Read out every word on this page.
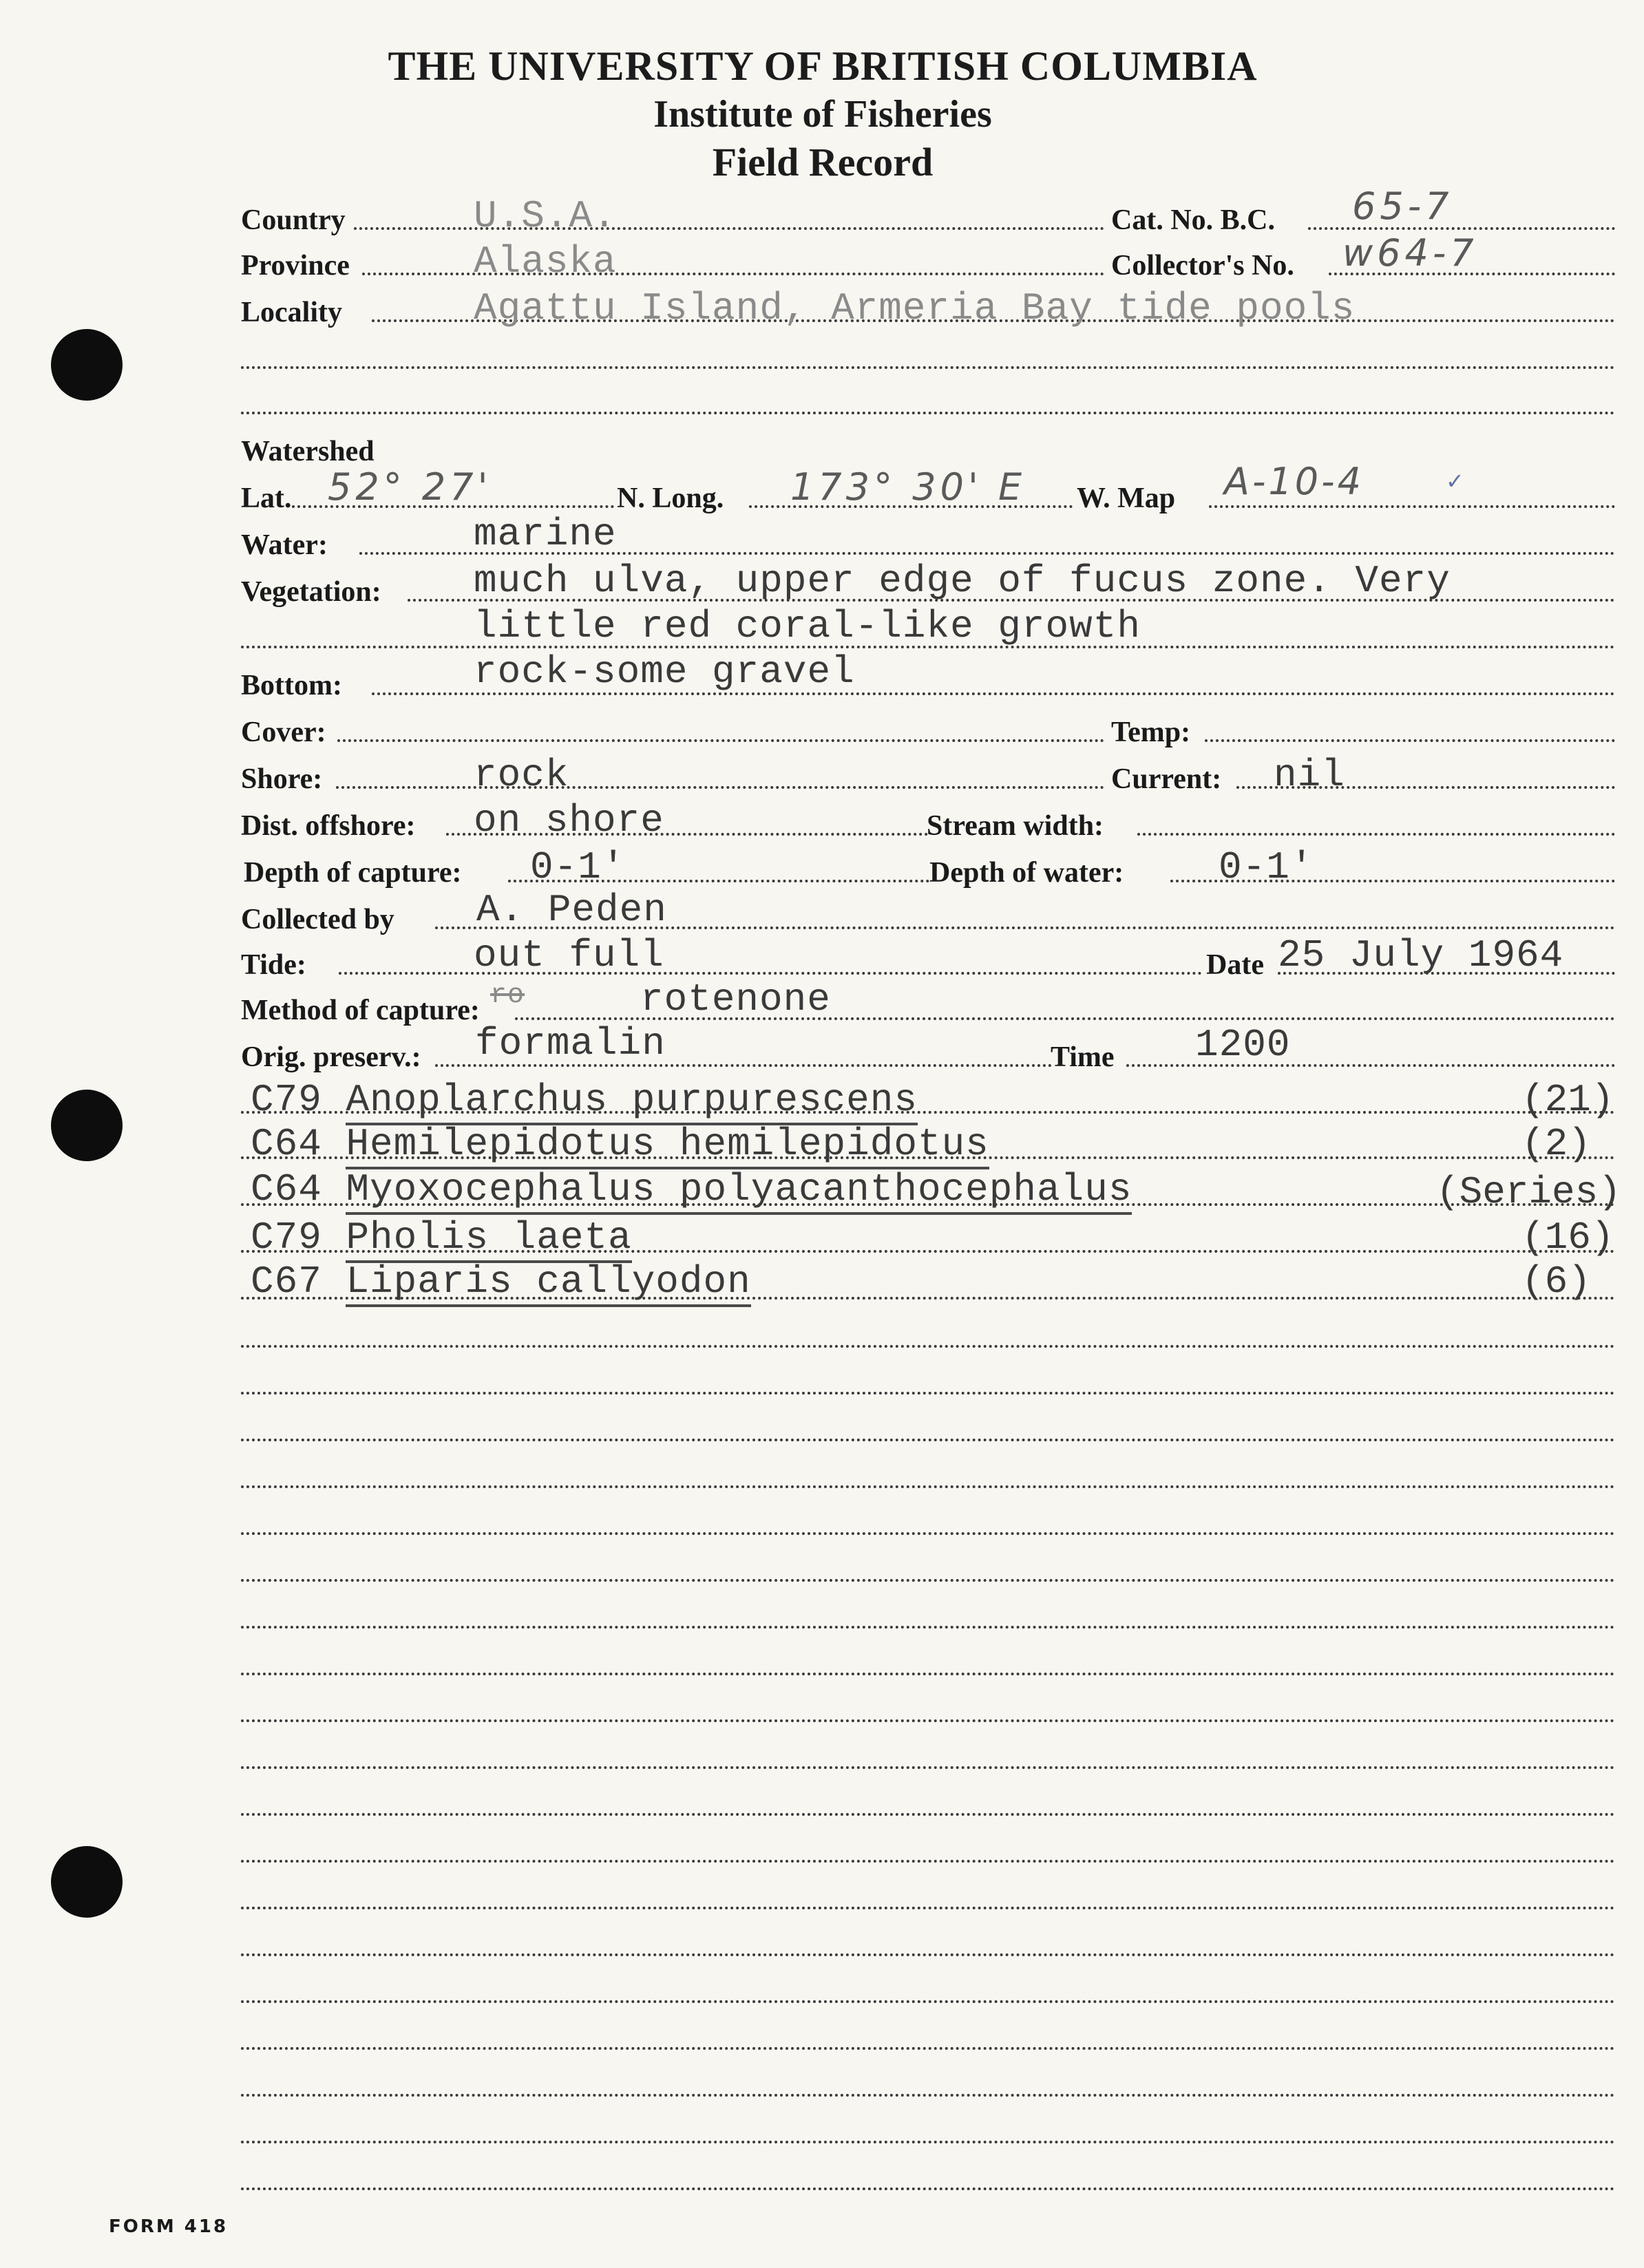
THE UNIVERSITY OF BRITISH COLUMBIA
Institute of Fisheries
Field Record
Country	U.S.A.	Cat. No. B.C. 65-7
Province	Alaska	Collector's No. w64-7
Locality	Agattu Island, Armeria Bay tide pools
Watershed
Lat. 52° 27'	N. Long. 173° 30' E W. Map A-10-4	✓
Water:	marine
Vegetation: much ulva, upper edge of fucus zone. Very
little red coral-like growth
Bottom:	rock-some gravel
Cover:	Temp:
Shore:	rock	Current: nil
Dist. offshore: on shore	Stream width:
Depth of capture: 0-1'	Depth of water: 0-1'
Collected by A. Peden
Tide:	out full	Date 25 July 1964
Method of capture: ro	rotenone
Orig. preserv.: formalin	Time 1200
C79 Anoplarchus purpurescens	(21)
C64 Hemilepidotus hemilepidotus	(2)
C64 Myoxocephalus polyacanthocephalus	(Series)
C79 Pholis laeta	(16)
C67 Liparis callyodon	(6)
FORM 418
